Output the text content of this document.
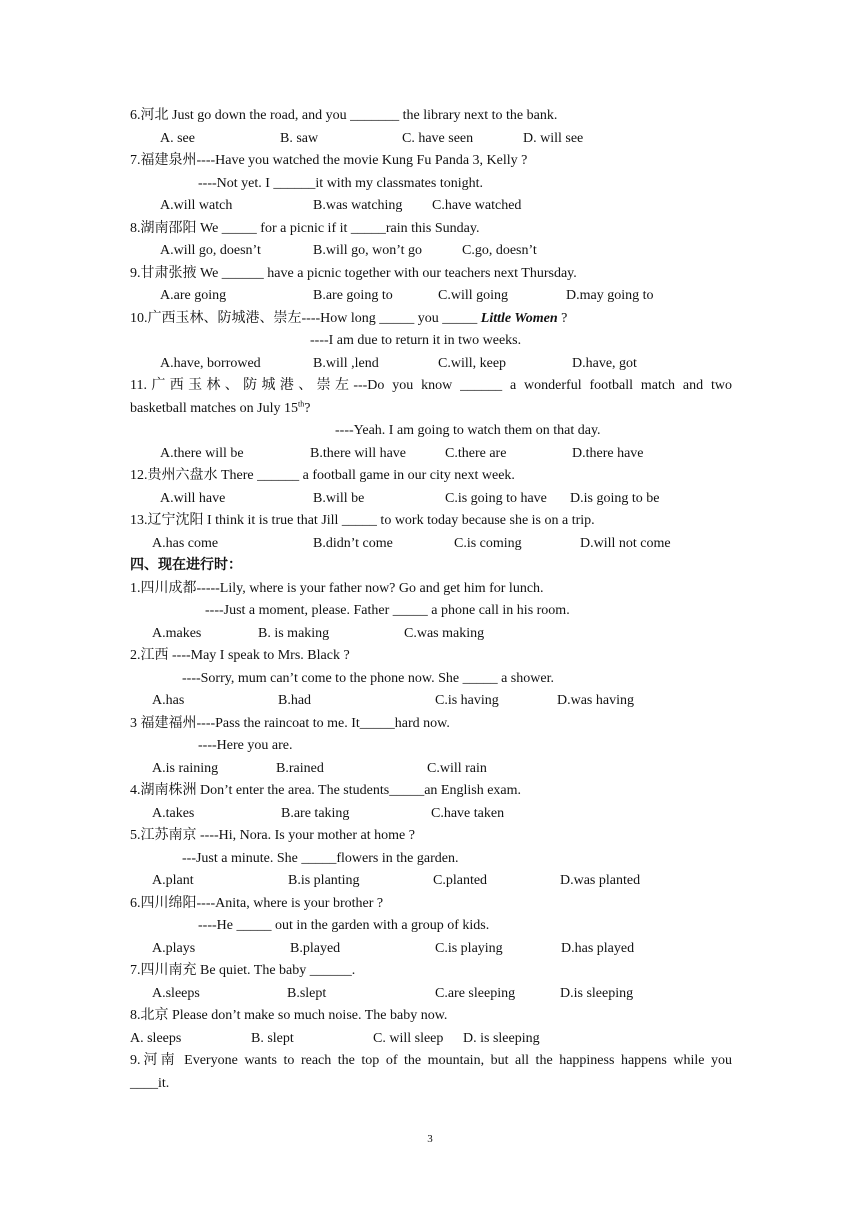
6.河北 Just go down the road, and you _______ the library next to the bank.
A. see	B. saw	C. have seen	D. will see
7.福建泉州----Have you watched the movie Kung Fu Panda 3, Kelly ?
----Not yet. I ______it with my classmates tonight.
A.will watch	B.was watching C.have watched
8.湖南邵阳 We _____ for a picnic if it _____rain this Sunday.
A.will go, doesn’t	B.will go, won’t go	C.go, doesn’t
9.甘肃张掖 We ______ have a picnic together with our teachers next Thursday.
A.are going	B.are going to	C.will going	D.may going to
10.广西玉林、防城港、崇左----How long _____ you _____ Little Women ?
----I am due to return it in two weeks.
A.have, borrowed	B.will ,lend	C.will, keep	D.have, got
11.广西玉林、防城港、崇左---Do you know ______ a wonderful football match and two
basketball matches on July 15th?
----Yeah. I am going to watch them on that day.
A.there will be	B.there will have	C.there are	D.there have
12.贵州六盘水 There ______ a football game in our city next week.
A.will have	B.will be	C.is going to have D.is going to be
13.辽宁沈阳 I think it is true that Jill _____ to work today because she is on a trip.
A.has come	B.didn’t come	C.is coming	D.will not come
四、现在进行时：
1.四川成都-----Lily, where is your father now? Go and get him for lunch.
----Just a moment, please. Father _____ a phone call in his room.
A.makes	B. is making	C.was making
2.江西 ----May I speak to Mrs. Black ?
----Sorry, mum can’t come to the phone now. She _____ a shower.
A.has	B.had	C.is having	D.was having
3 福建福州----Pass the raincoat to me. It_____hard now.
----Here you are.
A.is raining	B.rained	C.will rain
4.湖南株洲 Don’t enter the area. The students_____an English exam.
A.takes	B.are taking	C.have taken
5.江苏南京 ----Hi, Nora. Is your mother at home ?
---Just a minute. She _____flowers in the garden.
A.plant	B.is planting	C.planted	D.was planted
6.四川绵阳----Anita, where is your brother ?
----He _____ out in the garden with a group of kids.
A.plays	B.played	C.is playing	D.has played
7.四川南充 Be quiet. The baby ______.
A.sleeps	B.slept	C.are sleeping	D.is sleeping
8.北京 Please don’t make so much noise. The baby now.
A. sleeps	B. slept	C. will sleep D. is sleeping
9.河南 Everyone wants to reach the top of the mountain, but all the happiness happens while you
____it.
3
